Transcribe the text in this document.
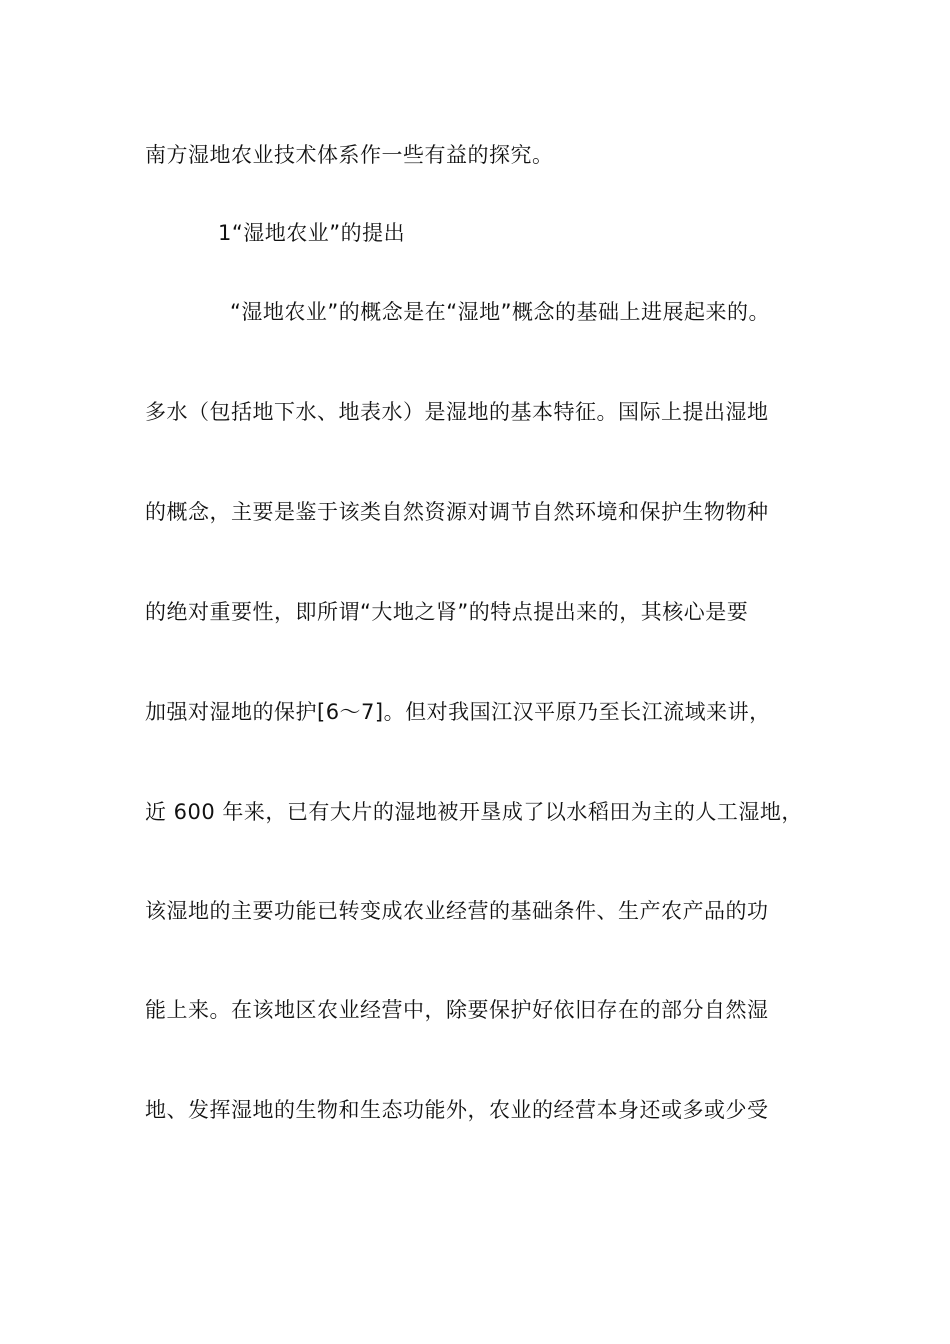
南方湿地农业技术体系作一些有益的探究。
1“湿地农业”的提出
“湿地农业”的概念是在“湿地”概念的基础上进展起来的。
多水（包括地下水、地表水）是湿地的基本特征。国际上提出湿地
的概念，主要是鉴于该类自然资源对调节自然环境和保护生物物种
的绝对重要性，即所谓“大地之肾”的特点提出来的，其核心是要
加强对湿地的保护[6～7]。但对我国江汉平原乃至长江流域来讲，
近 600 年来，已有大片的湿地被开垦成了以水稻田为主的人工湿地，
该湿地的主要功能已转变成农业经营的基础条件、生产农产品的功
能上来。在该地区农业经营中，除要保护好依旧存在的部分自然湿
地、发挥湿地的生物和生态功能外，农业的经营本身还或多或少受
